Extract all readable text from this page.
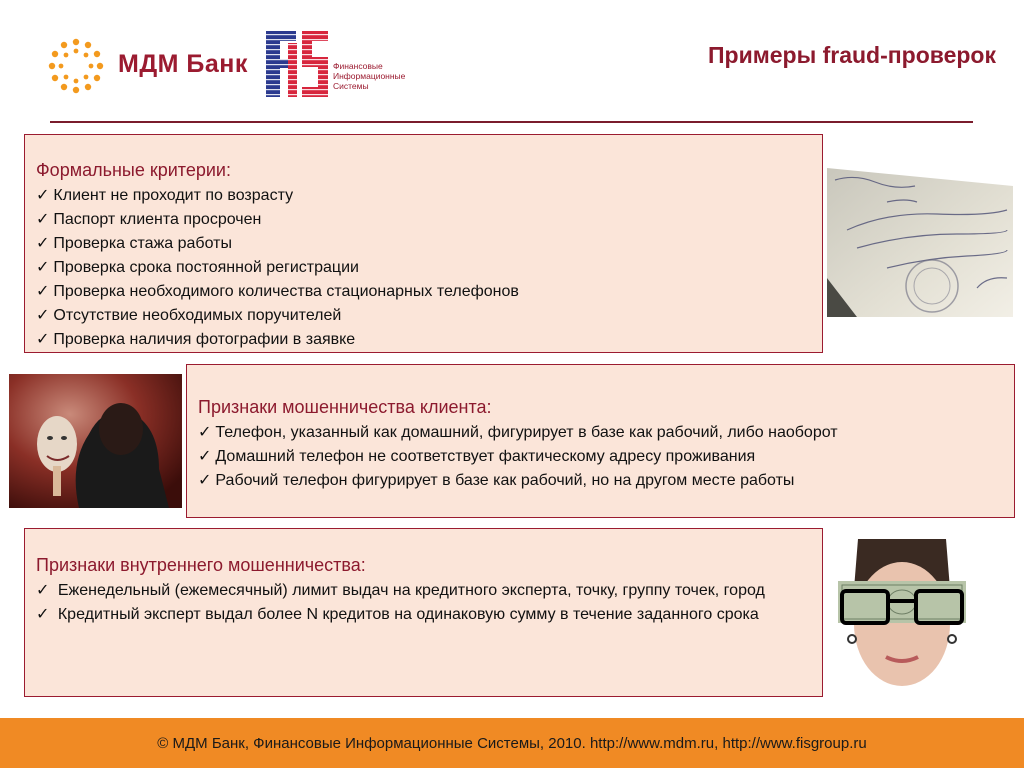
МДМ Банк	Финансовые
Информационные
Системы
Примеры fraud-проверок
Формальные критерии:
✓ Клиент не проходит по возрасту
✓ Паспорт клиента просрочен
✓ Проверка стажа работы
✓ Проверка срока постоянной регистрации
✓ Проверка необходимого количества стационарных телефонов
✓ Отсутствие необходимых поручителей
✓ Проверка наличия фотографии в заявке
Признаки мошенничества клиента:
✓ Телефон, указанный как домашний, фигурирует в базе как рабочий, либо наоборот
✓ Домашний телефон не соответствует фактическому адресу проживания
✓ Рабочий телефон фигурирует в базе как рабочий, но на другом месте работы
Признаки внутреннего мошенничества:
✓ Еженедельный (ежемесячный) лимит выдач на кредитного эксперта, точку, группу точек, город
✓ Кредитный эксперт выдал более N кредитов на одинаковую сумму в течение заданного срока
© МДМ Банк, Финансовые Информационные Системы, 2010. http://www.mdm.ru, http://www.fisgroup.ru
